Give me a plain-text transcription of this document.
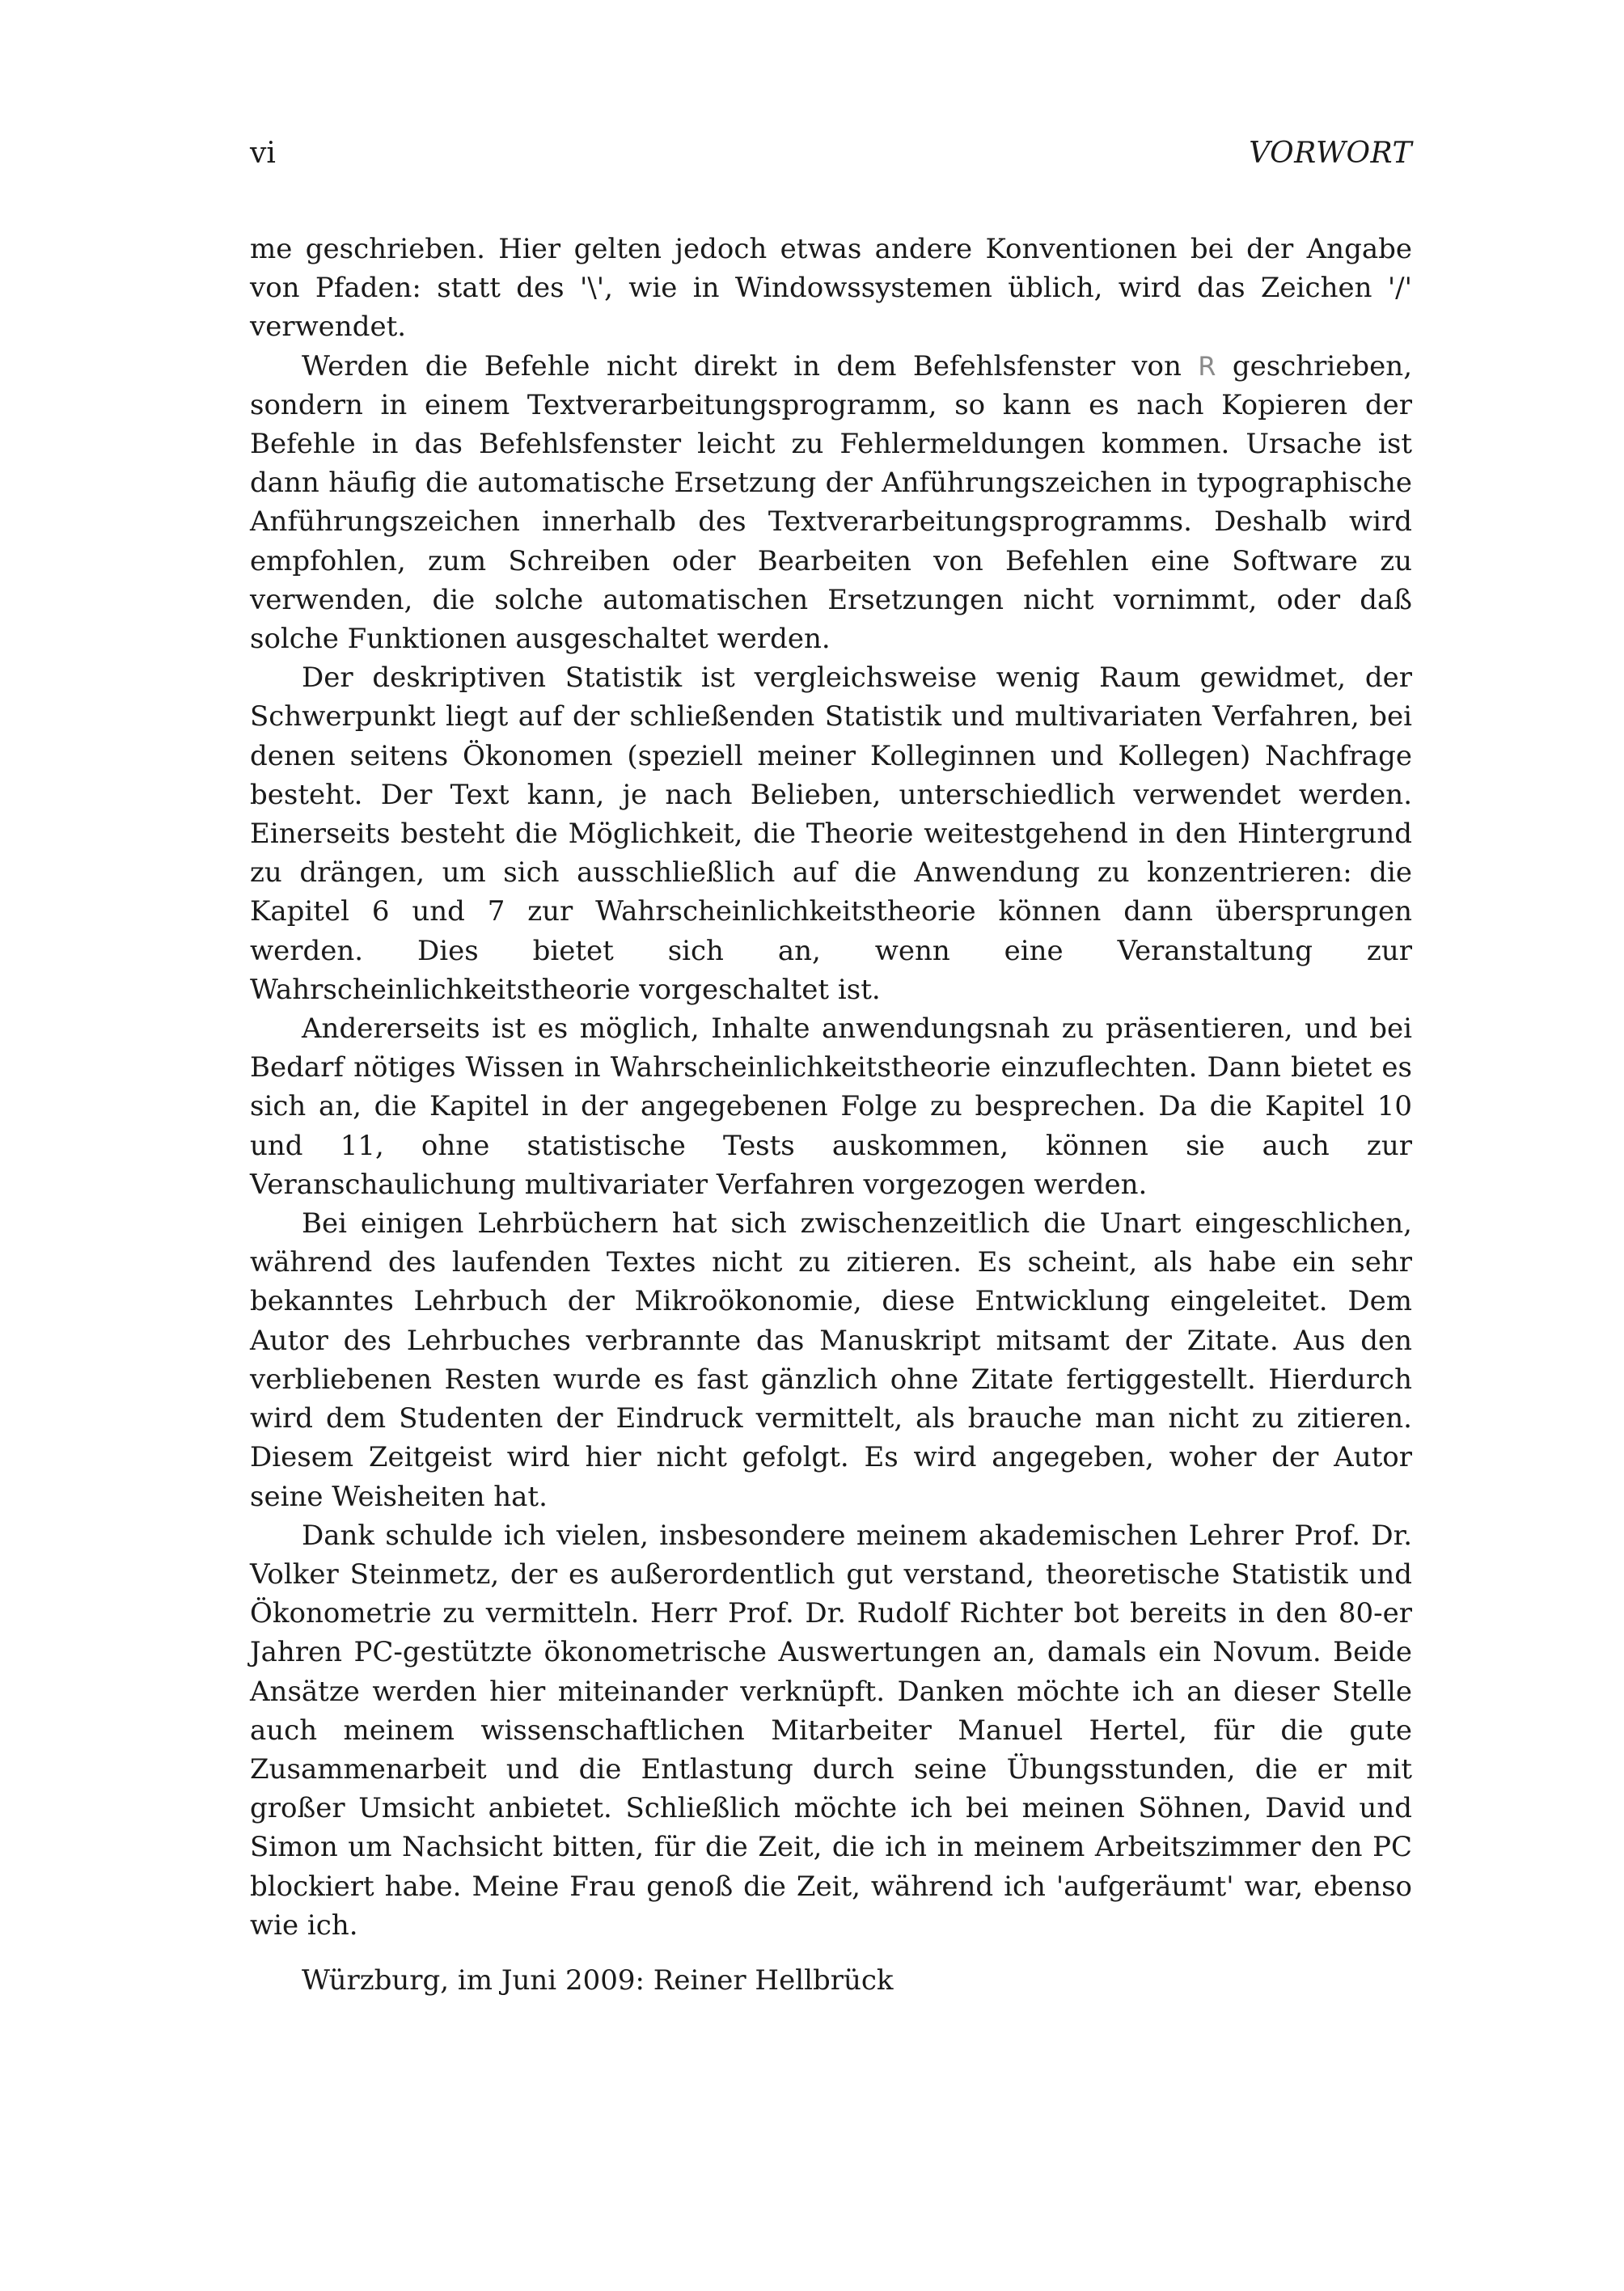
vi	VORWORT

me geschrieben. Hier gelten jedoch etwas andere Konventionen bei der Angabe von Pfaden: statt des '\', wie in Windowssystemen üblich, wird das Zeichen '/' verwendet.

Werden die Befehle nicht direkt in dem Befehlsfenster von R geschrieben, sondern in einem Textverarbeitungsprogramm, so kann es nach Kopieren der Befehle in das Befehlsfenster leicht zu Fehlermeldungen kommen. Ursache ist dann häufig die automatische Ersetzung der Anführungszeichen in typographische Anführungszeichen innerhalb des Textverarbeitungsprogramms. Deshalb wird empfohlen, zum Schreiben oder Bearbeiten von Befehlen eine Software zu verwenden, die solche automatischen Ersetzungen nicht vornimmt, oder daß solche Funktionen ausgeschaltet werden.

Der deskriptiven Statistik ist vergleichsweise wenig Raum gewidmet, der Schwerpunkt liegt auf der schließenden Statistik und multivariaten Verfahren, bei denen seitens Ökonomen (speziell meiner Kolleginnen und Kollegen) Nachfrage besteht. Der Text kann, je nach Belieben, unterschiedlich verwendet werden. Einerseits besteht die Möglichkeit, die Theorie weitestgehend in den Hintergrund zu drängen, um sich ausschließlich auf die Anwendung zu konzentrieren: die Kapitel 6 und 7 zur Wahrscheinlichkeitstheorie können dann übersprungen werden. Dies bietet sich an, wenn eine Veranstaltung zur Wahrscheinlichkeitstheorie vorgeschaltet ist.

Andererseits ist es möglich, Inhalte anwendungsnah zu präsentieren, und bei Bedarf nötiges Wissen in Wahrscheinlichkeitstheorie einzuflechten. Dann bietet es sich an, die Kapitel in der angegebenen Folge zu besprechen. Da die Kapitel 10 und 11, ohne statistische Tests auskommen, können sie auch zur Veranschaulichung multivariater Verfahren vorgezogen werden.

Bei einigen Lehrbüchern hat sich zwischenzeitlich die Unart eingeschlichen, während des laufenden Textes nicht zu zitieren. Es scheint, als habe ein sehr bekanntes Lehrbuch der Mikroökonomie, diese Entwicklung eingeleitet. Dem Autor des Lehrbuches verbrannte das Manuskript mitsamt der Zitate. Aus den verbliebenen Resten wurde es fast gänzlich ohne Zitate fertiggestellt. Hierdurch wird dem Studenten der Eindruck vermittelt, als brauche man nicht zu zitieren. Diesem Zeitgeist wird hier nicht gefolgt. Es wird angegeben, woher der Autor seine Weisheiten hat.

Dank schulde ich vielen, insbesondere meinem akademischen Lehrer Prof. Dr. Volker Steinmetz, der es außerordentlich gut verstand, theoretische Statistik und Ökonometrie zu vermitteln. Herr Prof. Dr. Rudolf Richter bot bereits in den 80-er Jahren PC-gestützte ökonometrische Auswertungen an, damals ein Novum. Beide Ansätze werden hier miteinander verknüpft. Danken möchte ich an dieser Stelle auch meinem wissenschaftlichen Mitarbeiter Manuel Hertel, für die gute Zusammenarbeit und die Entlastung durch seine Übungsstunden, die er mit großer Umsicht anbietet. Schließlich möchte ich bei meinen Söhnen, David und Simon um Nachsicht bitten, für die Zeit, die ich in meinem Arbeitszimmer den PC blockiert habe. Meine Frau genoß die Zeit, während ich 'aufgeräumt' war, ebenso wie ich.

Würzburg, im Juni 2009: Reiner Hellbrück
